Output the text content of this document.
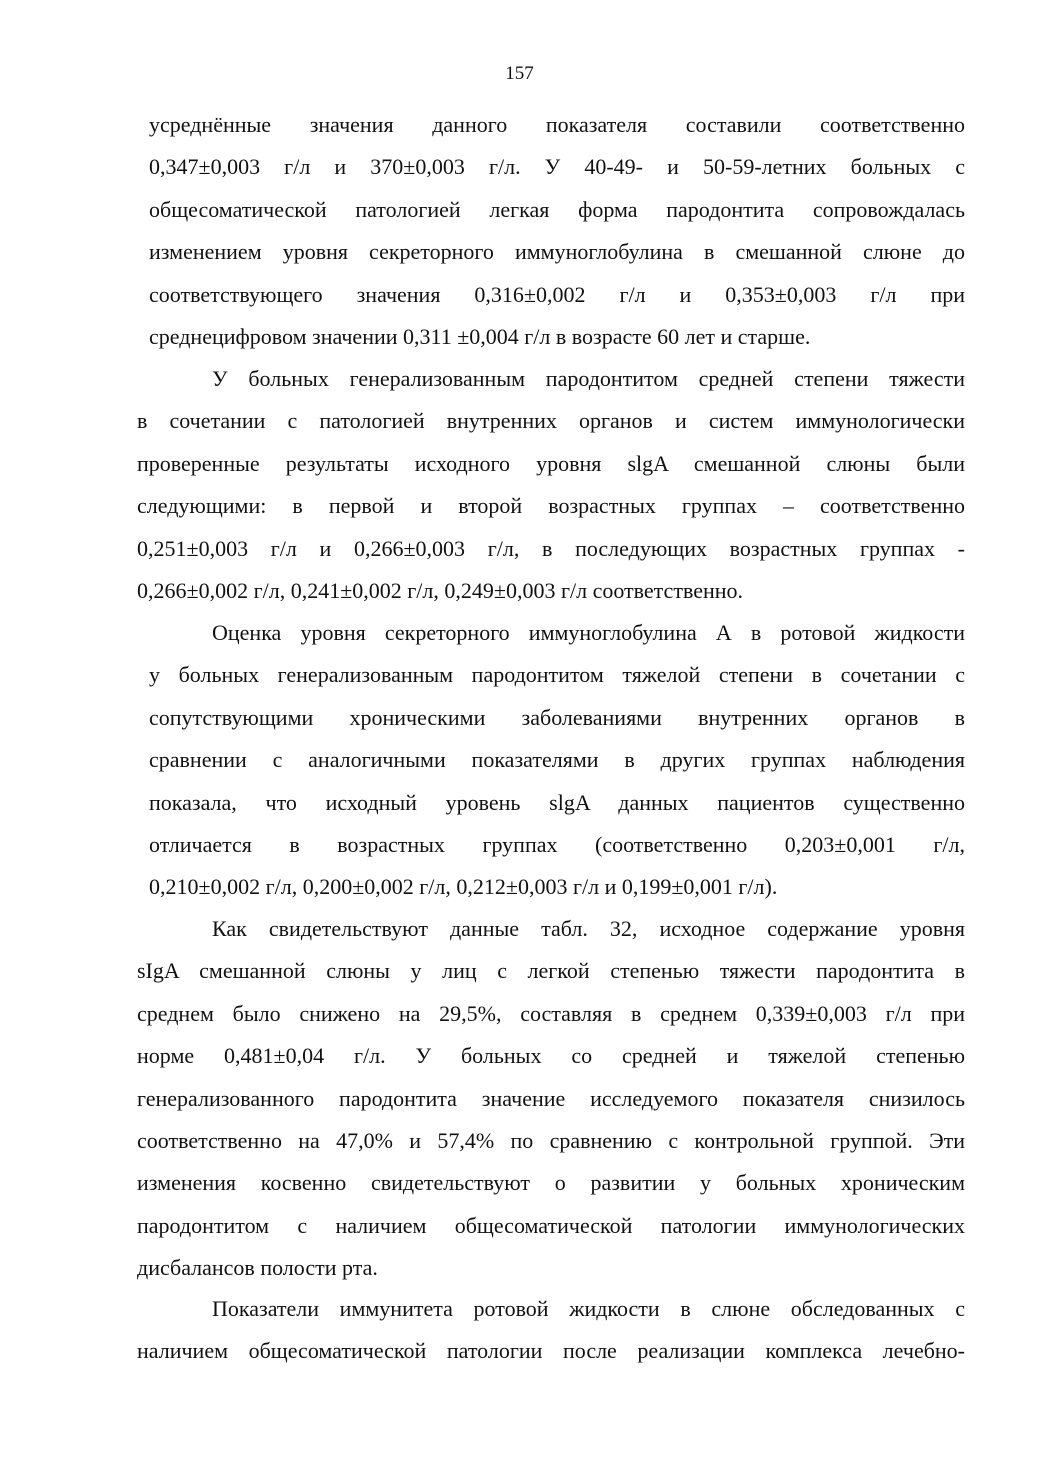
157
усреднённые значения данного показателя составили соответственно
0,347±0,003 г/л и 370±0,003 г/л. У 40-49- и 50-59-летних больных с
общесоматической патологией легкая форма пародонтита сопровождалась
изменением уровня секреторного иммуноглобулина в смешанной слюне до
соответствующего значения 0,316±0,002 г/л и 0,353±0,003 г/л при
среднецифровом значении 0,311 ±0,004 г/л в возрасте 60 лет и старше.
У больных генерализованным пародонтитом средней степени тяжести
в сочетании с патологией внутренних органов и систем иммунологически
проверенные результаты исходного уровня slgA смешанной слюны были
следующими: в первой и второй возрастных группах – соответственно
0,251±0,003 г/л и 0,266±0,003 г/л, в последующих возрастных группах -
0,266±0,002 г/л, 0,241±0,002 г/л, 0,249±0,003 г/л соответственно.
Оценка уровня секреторного иммуноглобулина А в ротовой жидкости
у больных генерализованным пародонтитом тяжелой степени в сочетании с
сопутствующими хроническими заболеваниями внутренних органов в
сравнении с аналогичными показателями в других группах наблюдения
показала, что исходный уровень slgA данных пациентов существенно
отличается в возрастных группах (соответственно 0,203±0,001 г/л,
0,210±0,002 г/л, 0,200±0,002 г/л, 0,212±0,003 г/л и 0,199±0,001 г/л).
Как свидетельствуют данные табл. 32, исходное содержание уровня
sIgA смешанной слюны у лиц с легкой степенью тяжести пародонтита в
среднем было снижено на 29,5%, составляя в среднем 0,339±0,003 г/л при
норме 0,481±0,04 г/л. У больных со средней и тяжелой степенью
генерализованного пародонтита значение исследуемого показателя снизилось
соответственно на 47,0% и 57,4% по сравнению с контрольной группой. Эти
изменения косвенно свидетельствуют о развитии у больных хроническим
пародонтитом с наличием общесоматической патологии иммунологических
дисбалансов полости рта.
Показатели иммунитета ротовой жидкости в слюне обследованных с
наличием общесоматической патологии после реализации комплекса лечебно-
